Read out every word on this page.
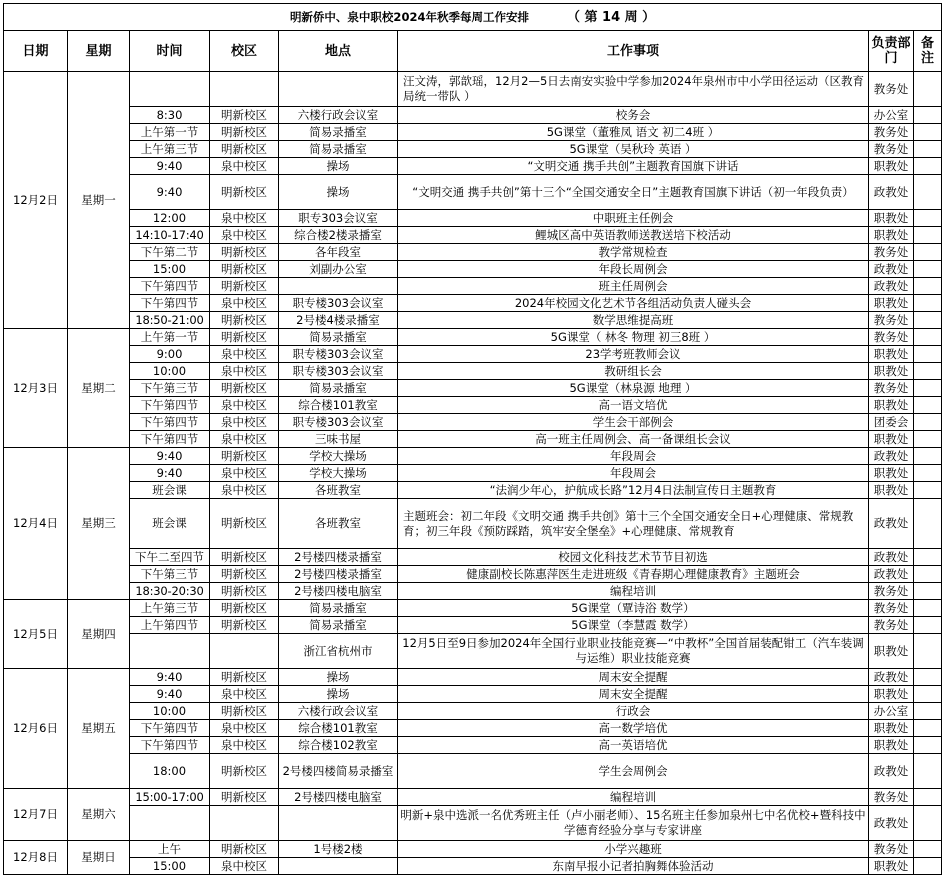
明新侨中、泉中职校2024年秋季每周工作安排 （ 第 14 周 ）							
日期	星期	时间	校区	地点	工作事项	负责部门	备注
12月2日	星期一				汪文涛，郭歆瑶，12月2—5日去南安实验中学参加2024年泉州市中小学田径运动（区教育局统一带队 ）	教务处	
		8:30	明新校区	六楼行政会议室	校务会	办公室	
		上午第一节	明新校区	简易录播室	5G课堂（董雅凤 语文 初二4班 ）	教务处	
		上午第三节	明新校区	简易录播室	5G课堂（吴秋玲 英语 ）	教务处	
		9:40	泉中校区	操场	“文明交通 携手共创”主题教育国旗下讲话	职教处	
		9:40	明新校区	操场	“文明交通 携手共创”第十三个“全国交通安全日”主题教育国旗下讲话（初一年段负责）	政教处	
		12:00	泉中校区	职专303会议室	中职班主任例会	职教处	
		14:10-17:40	泉中校区	综合楼2楼录播室	鲤城区高中英语教师送教送培下校活动	职教处	
		下午第二节	明新校区	各年段室	教学常规检查	教务处	
		15:00	明新校区	刘副办公室	年段长周例会	政教处	
		下午第四节	明新校区		班主任周例会	政教处	
		下午第四节	泉中校区	职专楼303会议室	2024年校园文化艺术节各组活动负责人碰头会	职教处	
		18:50-21:00	明新校区	2号楼4楼录播室	数学思维提高班	教务处	
12月3日	星期二	上午第一节	明新校区	简易录播室	5G课堂（ 林冬 物理 初三8班 ）	教务处	
		9:00	泉中校区	职专楼303会议室	23学考班教师会议	职教处	
		10:00	泉中校区	职专楼303会议室	教研组长会	职教处	
		下午第三节	明新校区	简易录播室	5G课堂（林泉源 地理 ）	教务处	
		下午第四节	泉中校区	综合楼101教室	高一语文培优	职教处	
		下午第四节	泉中校区	职专楼303会议室	学生会干部例会	团委会	
		下午第四节	泉中校区	三味书屋	高一班主任周例会、高一备课组长会议	职教处	
12月4日	星期三	9:40	明新校区	学校大操场	年段周会	政教处	
		9:40	泉中校区	学校大操场	年段周会	职教处	
		班会课	泉中校区	各班教室	“法润少年心，护航成长路”12月4日法制宣传日主题教育	职教处	
		班会课	明新校区	各班教室	主题班会：初二年段《文明交通 携手共创》第十三个全国交通安全日+心理健康、常规教育；初三年段《预防踩踏，筑牢安全堡垒》+心理健康、常规教育	政教处	
		下午二至四节	明新校区	2号楼四楼录播室	校园文化科技艺术节节目初选	政教处	
		下午第三节	明新校区	2号楼四楼录播室	健康副校长陈惠萍医生走进班级《青春期心理健康教育》主题班会	政教处	
		18:30-20:30	明新校区	2号楼四楼电脑室	编程培训	教务处	
12月5日	星期四	上午第三节	明新校区	简易录播室	5G课堂（覃诗浴 数学）	教务处	
		上午第四节	明新校区	简易录播室	5G课堂（李慧霞 数学）	教务处	
				浙江省杭州市	12月5日至9日参加2024年全国行业职业技能竞赛—“中教杯”全国首届装配钳工（汽车装调与运维）职业技能竞赛	职教处	
12月6日	星期五	9:40	明新校区	操场	周末安全提醒	政教处	
		9:40	泉中校区	操场	周末安全提醒	职教处	
		10:00	明新校区	六楼行政会议室	行政会	办公室	
		下午第四节	泉中校区	综合楼101教室	高一数学培优	职教处	
		下午第四节	泉中校区	综合楼102教室	高一英语培优	职教处	
		18:00	明新校区	2号楼四楼简易录播室	学生会周例会	政教处	
12月7日	星期六	15:00-17:00	明新校区	2号楼四楼电脑室	编程培训	教务处	
					明新+泉中选派一名优秀班主任（卢小丽老师）、15名班主任参加泉州七中名优校+暨科技中学德育经验分享与专家讲座	政教处	
12月8日	星期日	上午	明新校区	1号楼2楼	小学兴趣班	教务处	
		15:00	泉中校区		东南早报小记者拍胸舞体验活动	职教处	
